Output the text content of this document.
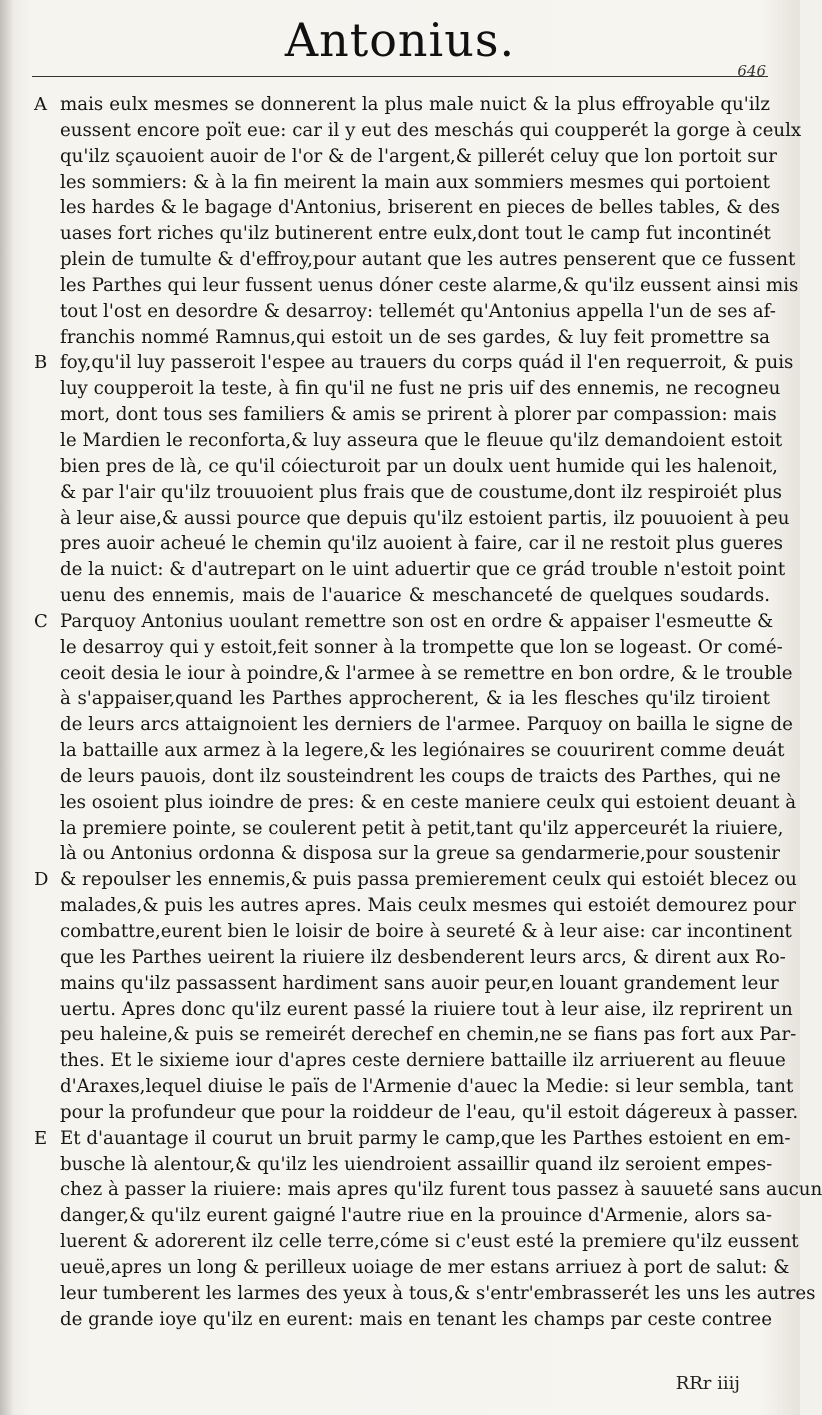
Antonius.
646
A mais eulx mesmes se donnerent la plus male nuict & la plus effroyable qu'ilz
eussent encore poït eue: car il y eut des meschás qui coupperét la gorge à ceulx
qu'ilz sçauoient auoir de l'or & de l'argent,& pillerét celuy que lon portoit sur
les sommiers: & à la fin meirent la main aux sommiers mesmes qui portoient
les hardes & le bagage d'Antonius, briserent en pieces de belles tables, & des
uases fort riches qu'ilz butinerent entre eulx,dont tout le camp fut incontinét
plein de tumulte & d'effroy,pour autant que les autres penserent que ce fussent
les Parthes qui leur fussent uenus dóner ceste alarme,& qu'ilz eussent ainsi mis
tout l'ost en desordre & desarroy: tellemét qu'Antonius appella l'un de ses af-
franchis nommé Ramnus,qui estoit un de ses gardes, & luy feit promettre sa
B foy,qu'il luy passeroit l'espee au trauers du corps quád il l'en requerroit, & puis
luy coupperoit la teste, à fin qu'il ne fust ne pris uif des ennemis, ne recogneu
mort, dont tous ses familiers & amis se prirent à plorer par compassion: mais
le Mardien le reconforta,& luy asseura que le fleuue qu'ilz demandoient estoit
bien pres de là, ce qu'il cóiecturoit par un doulx uent humide qui les halenoit,
& par l'air qu'ilz trouuoient plus frais que de coustume,dont ilz respiroiét plus
à leur aise,& aussi pource que depuis qu'ilz estoient partis, ilz pouuoient à peu
pres auoir acheué le chemin qu'ilz auoient à faire, car il ne restoit plus gueres
de la nuict: & d'autrepart on le uint aduertir que ce grád trouble n'estoit point
uenu des ennemis, mais de l'auarice & meschanceté de quelques soudards.
C Parquoy Antonius uoulant remettre son ost en ordre & appaiser l'esmeutte &
le desarroy qui y estoit,feit sonner à la trompette que lon se logeast. Or comé-
ceoit desia le iour à poindre,& l'armee à se remettre en bon ordre, & le trouble
à s'appaiser,quand les Parthes approcherent, & ia les flesches qu'ilz tiroient
de leurs arcs attaignoient les derniers de l'armee. Parquoy on bailla le signe de
la battaille aux armez à la legere,& les legiónaires se couurirent comme deuát
de leurs pauois, dont ilz sousteindrent les coups de traicts des Parthes, qui ne
les osoient plus ioindre de pres: & en ceste maniere ceulx qui estoient deuant à
la premiere pointe, se coulerent petit à petit,tant qu'ilz apperceurét la riuiere,
là ou Antonius ordonna & disposa sur la greue sa gendarmerie,pour soustenir
D & repoulser les ennemis,& puis passa premierement ceulx qui estoiét blecez ou
malades,& puis les autres apres. Mais ceulx mesmes qui estoiét demourez pour
combattre,eurent bien le loisir de boire à seureté & à leur aise: car incontinent
que les Parthes ueirent la riuiere ilz desbenderent leurs arcs, & dirent aux Ro-
mains qu'ilz passassent hardiment sans auoir peur,en louant grandement leur
uertu. Apres donc qu'ilz eurent passé la riuiere tout à leur aise, ilz reprirent un
peu haleine,& puis se remeirét derechef en chemin,ne se fians pas fort aux Par-
thes. Et le sixieme iour d'apres ceste derniere battaille ilz arriuerent au fleuue
d'Araxes,lequel diuise le païs de l'Armenie d'auec la Medie: si leur sembla, tant
pour la profundeur que pour la roiddeur de l'eau, qu'il estoit dágereux à passer.
E Et d'auantage il courut un bruit parmy le camp,que les Parthes estoient en em-
busche là alentour,& qu'ilz les uiendroient assaillir quand ilz seroient empes-
chez à passer la riuiere: mais apres qu'ilz furent tous passez à sauueté sans aucun
danger,& qu'ilz eurent gaigné l'autre riue en la prouince d'Armenie, alors sa-
luerent & adorerent ilz celle terre,cóme si c'eust esté la premiere qu'ilz eussent
ueuë,apres un long & perilleux uoiage de mer estans arriuez à port de salut: &
leur tumberent les larmes des yeux à tous,& s'entr'embrasserét les uns les autres
de grande ioye qu'ilz en eurent: mais en tenant les champs par ceste contree
RRr iiij
